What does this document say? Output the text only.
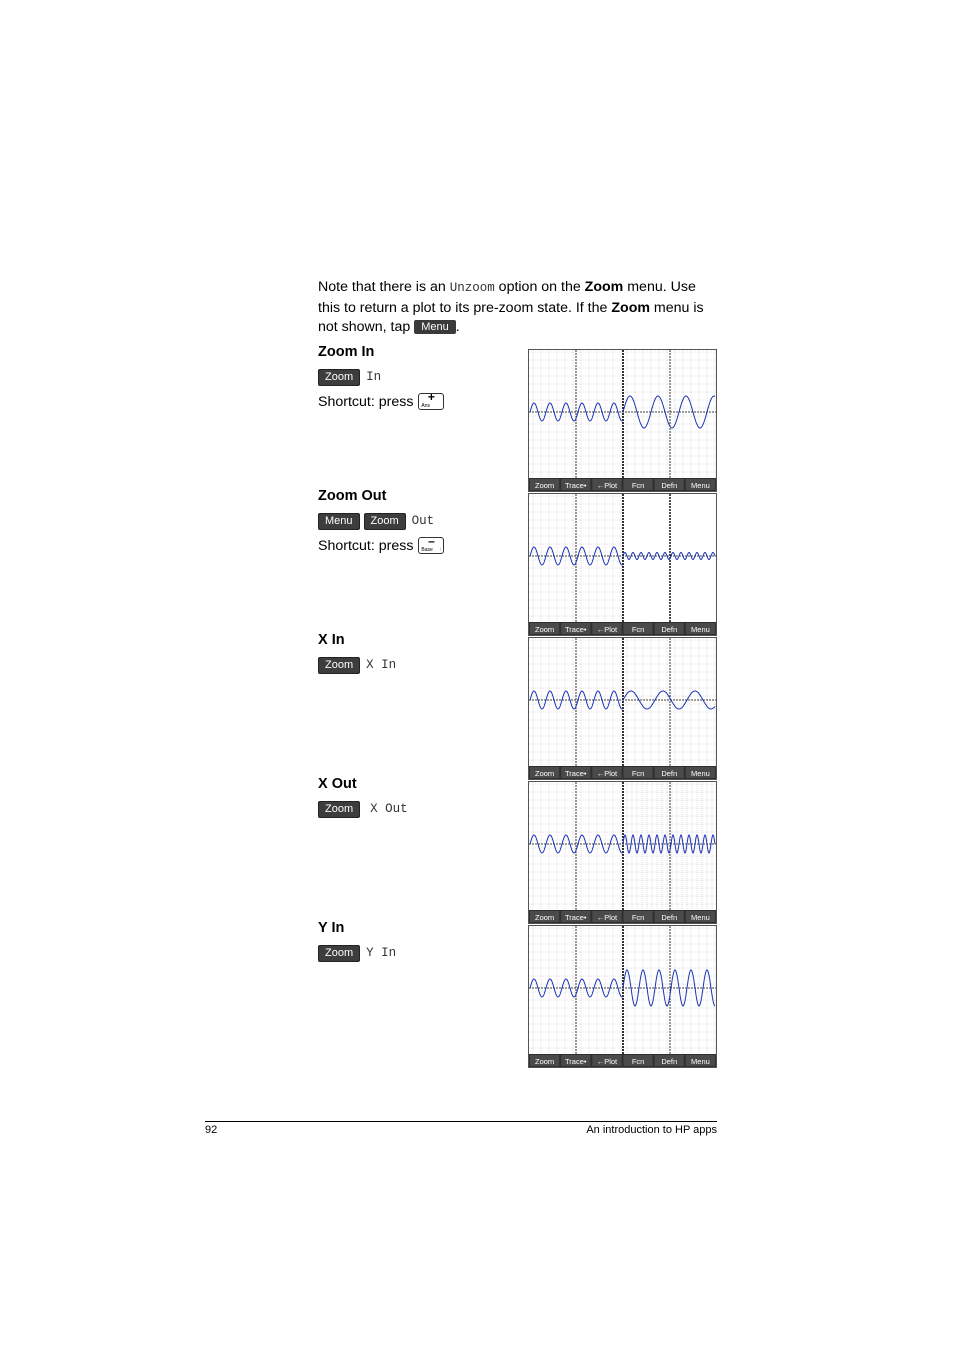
Note that there is an Unzoom option on the Zoom menu. Use this to return a plot to its pre-zoom state. If the Zoom menu is not shown, tap Menu .
Zoom In
Zoom	In
Shortcut: press	+
Ans
Zoom Out
Menu	Zoom	Out
Shortcut: press	–
Base :
X In
Zoom	X In
X Out
Zoom	X Out
Y In
Zoom	Y In
Zoom Trace• ←Plot Fcn Defn Menu
Zoom Trace• ←Plot Fcn Defn Menu
Zoom Trace• ←Plot Fcn Defn Menu
Zoom Trace• ←Plot Fcn Defn Menu
Zoom Trace• ←Plot Fcn Defn Menu
92	An introduction to HP apps
